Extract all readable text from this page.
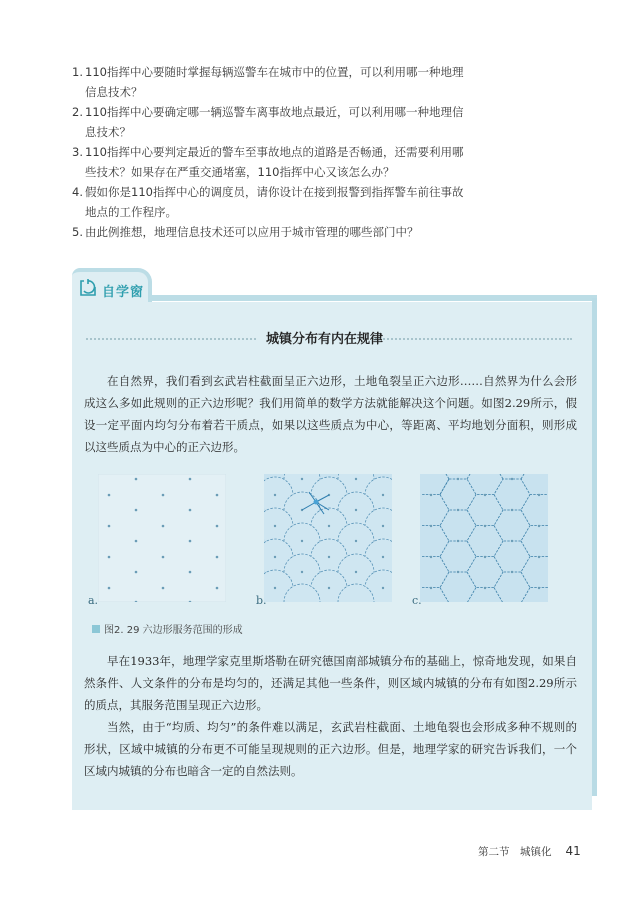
1. 110指挥中心要随时掌握每辆巡警车在城市中的位置，可以利用哪一种地理信息技术？
2. 110指挥中心要确定哪一辆巡警车离事故地点最近，可以利用哪一种地理信息技术？
3. 110指挥中心要判定最近的警车至事故地点的道路是否畅通，还需要利用哪些技术？如果存在严重交通堵塞，110指挥中心又该怎么办？
4. 假如你是110指挥中心的调度员，请你设计在接到报警到指挥警车前往事故地点的工作程序。
5. 由此例推想，地理信息技术还可以应用于城市管理的哪些部门中？
自学窗
城镇分布有内在规律

在自然界，我们看到玄武岩柱截面呈正六边形，土地龟裂呈正六边形……自然界为什么会形成这么多如此规则的正六边形呢？我们用简单的数学方法就能解决这个问题。如图2.29所示，假设一定平面内均匀分布着若干质点，如果以这些质点为中心，等距离、平均地划分面积，则形成以这些质点为中心的正六边形。

a.	b.	c.
图2. 29 六边形服务范围的形成

早在1933年，地理学家克里斯塔勒在研究德国南部城镇分布的基础上，惊奇地发现，如果自然条件、人文条件的分布是均匀的，还满足其他一些条件，则区域内城镇的分布有如图2.29所示的质点，其服务范围呈现正六边形。

当然，由于“均质、均匀”的条件难以满足，玄武岩柱截面、土地龟裂也会形成多种不规则的形状，区域中城镇的分布更不可能呈现规则的正六边形。但是，地理学家的研究告诉我们，一个区域内城镇的分布也暗含一定的自然法则。

第二节　城镇化 41
